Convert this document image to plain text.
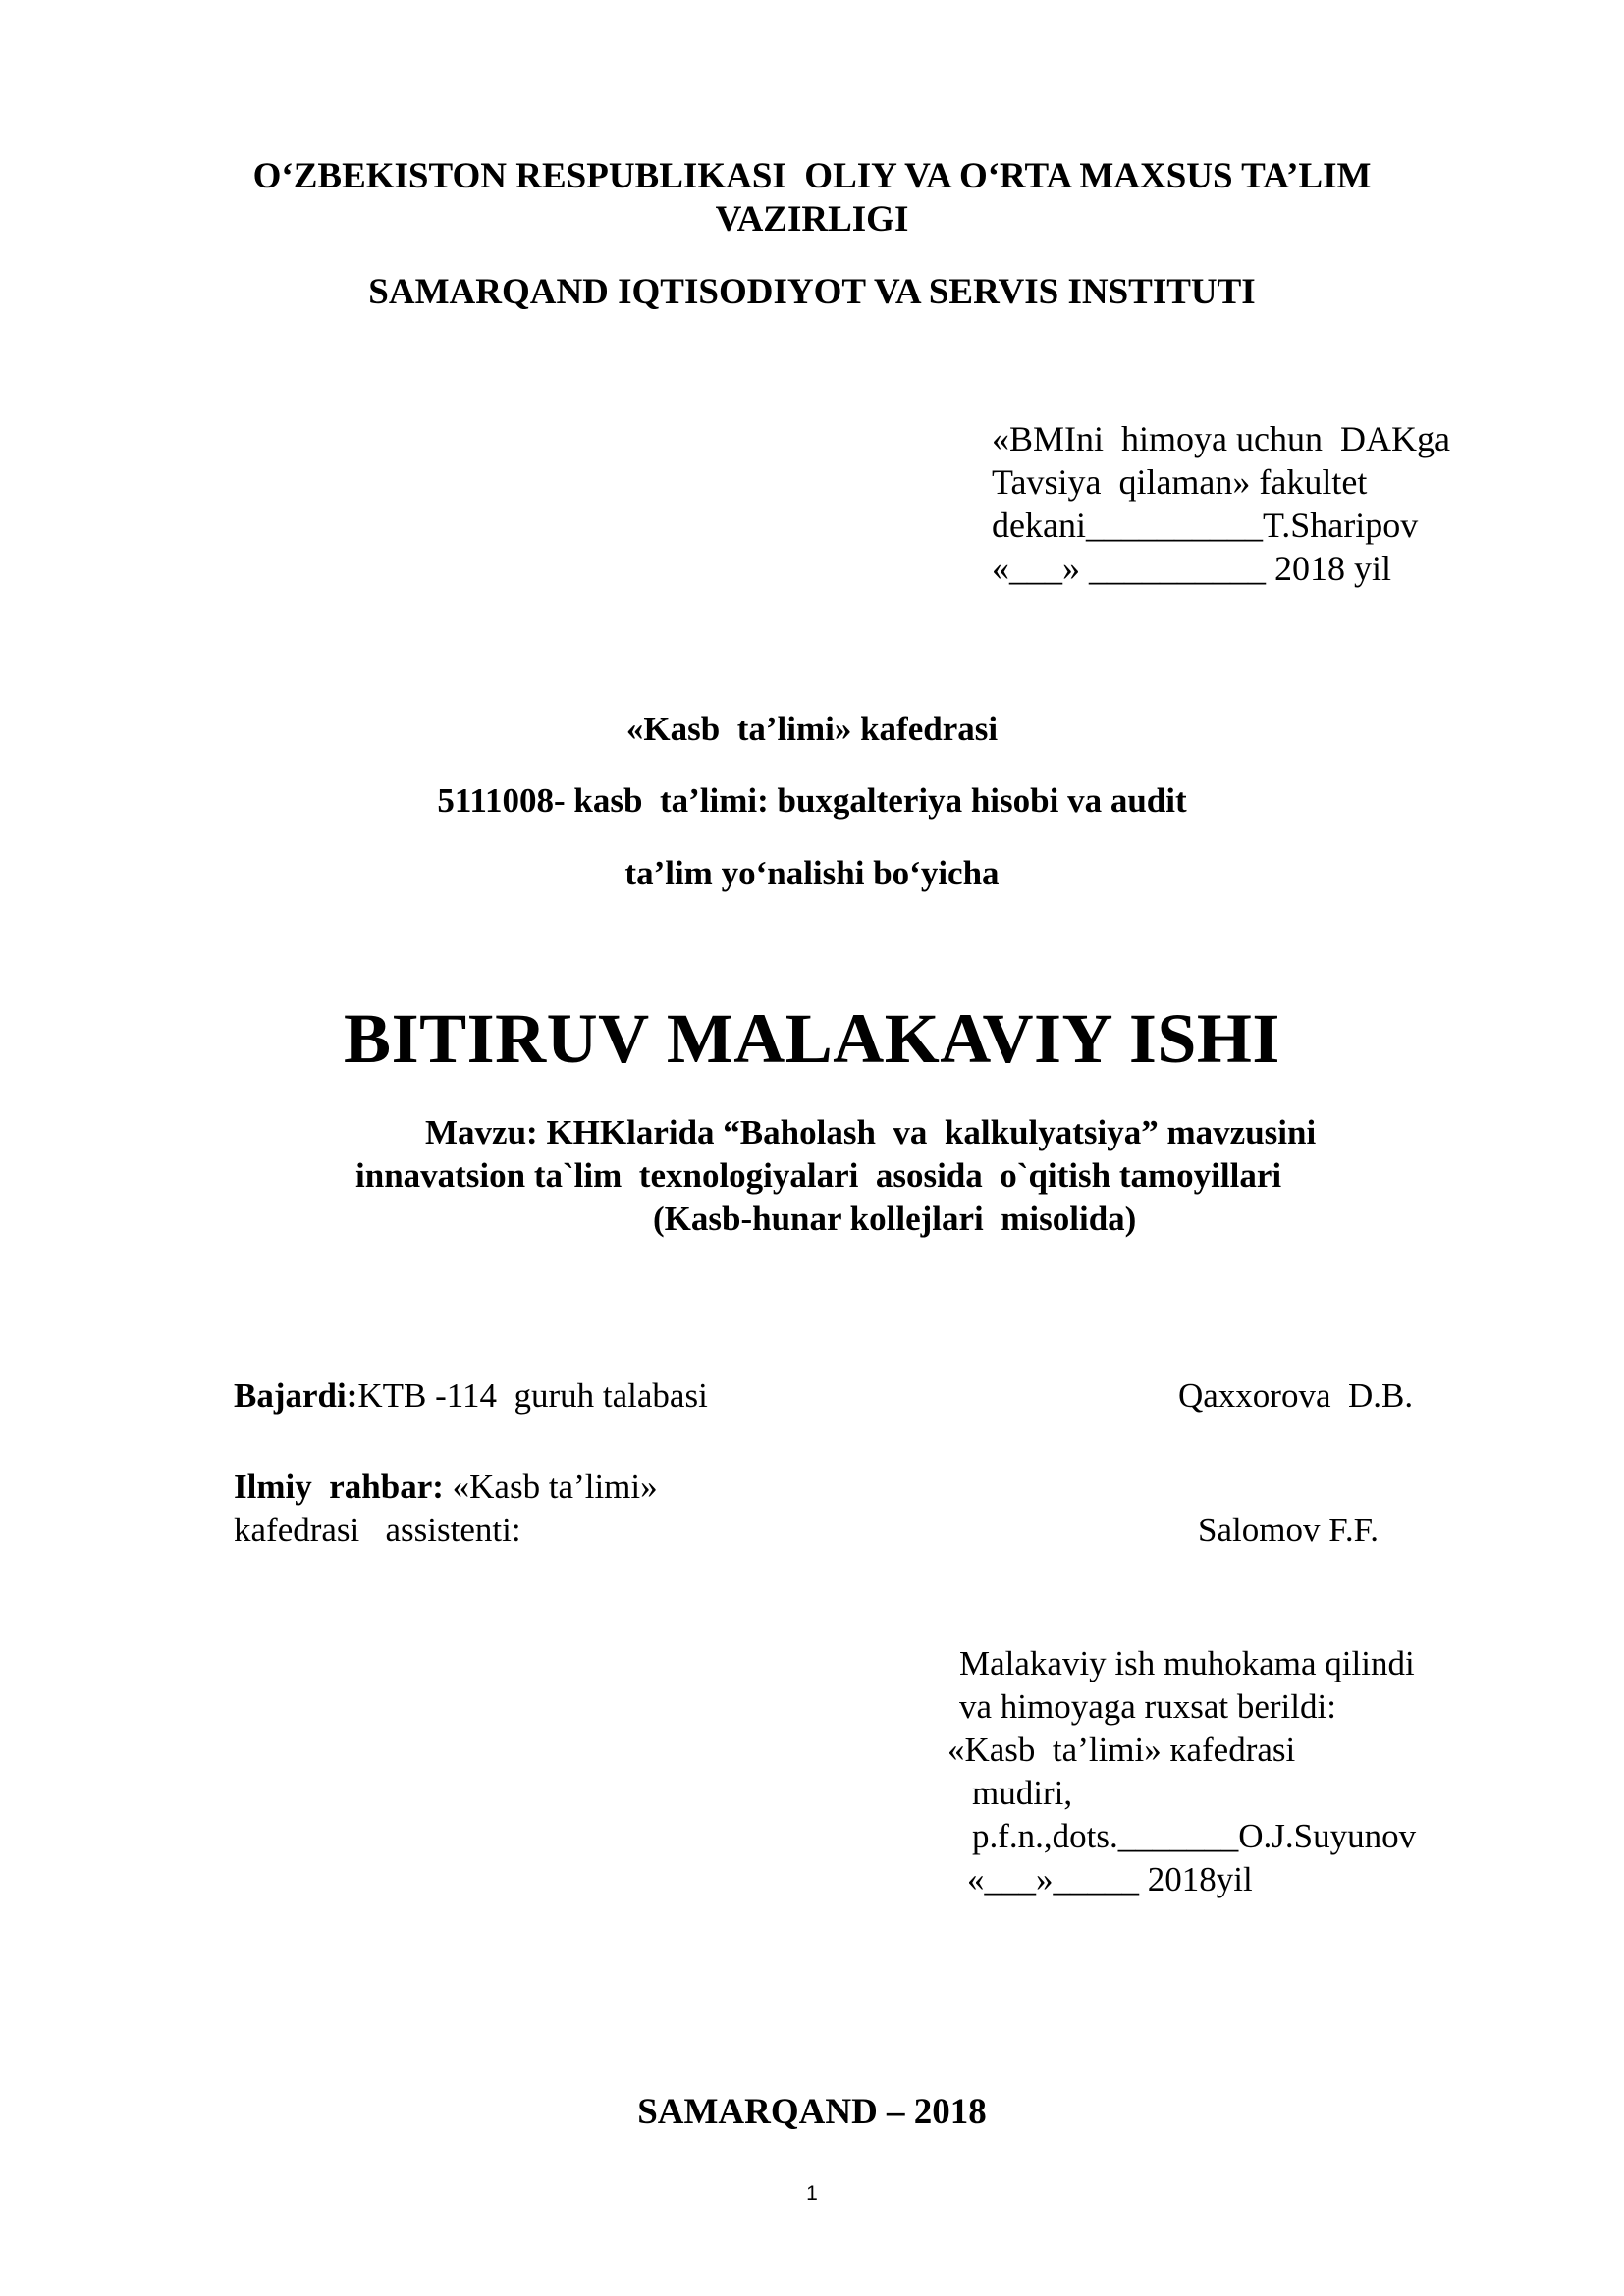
O‘ZBEKISTON RESPUBLIKASI  OLIY VA O‘RTA MAXSUS TA’LIM
VAZIRLIGI
SAMARQAND IQTISODIYOT VA SERVIS INSTITUTI
«BMIni  himoya uchun  DAKga
Tavsiya  qilaman» fakultet
dekani__________T.Sharipov
«___» __________ 2018 yil
«Kasb  ta’limi» kafedrasi
5111008- kasb  ta’limi: buxgalteriya hisobi va audit
ta’lim yo‘nalishi bo‘yicha
BITIRUV MALAKAVIY ISHI
Mavzu: KHKlarida “Baholash  va  kalkulyatsiya” mavzusini
innavatsion ta`lim  texnologiyalari  asosida  o`qitish tamoyillari
(Kasb-hunar kollejlari  misolida)
Bajardi:KTB -114  guruh talabasi	Qaxxorova  D.B.
Ilmiy  rahbar: «Kasb ta’limi»
kafedrasi   assistenti:	Salomov F.F.
Malakaviy ish muhokama qilindi
va himoyaga ruxsat berildi:
«Kasb  ta’limi» кafedrasi
mudiri,
p.f.n.,dots._______O.J.Suyunov
«___»_____ 2018yil
SAMARQAND – 2018
1
